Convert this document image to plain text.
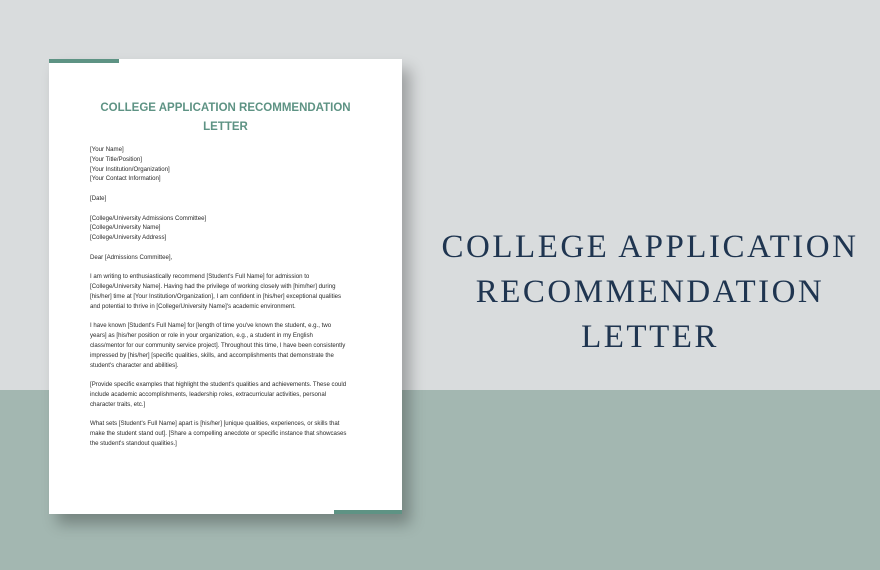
COLLEGE APPLICATION RECOMMENDATION
LETTER
[Your Name]
[Your Title/Position]
[Your Institution/Organization]
[Your Contact Information]
[Date]
[College/University Admissions Committee]
[College/University Name]
[College/University Address]
Dear [Admissions Committee],
I am writing to enthusiastically recommend [Student's Full Name] for admission to
[College/University Name]. Having had the privilege of working closely with [him/her] during
[his/her] time at [Your Institution/Organization], I am confident in [his/her] exceptional qualities
and potential to thrive in [College/University Name]'s academic environment.
I have known [Student's Full Name] for [length of time you've known the student, e.g., two
years] as [his/her position or role in your organization, e.g., a student in my English
class/mentor for our community service project]. Throughout this time, I have been consistently
impressed by [his/her] [specific qualities, skills, and accomplishments that demonstrate the
student's character and abilities].
[Provide specific examples that highlight the student's qualities and achievements. These could
include academic accomplishments, leadership roles, extracurricular activities, personal
character traits, etc.]
What sets [Student's Full Name] apart is [his/her] [unique qualities, experiences, or skills that
make the student stand out]. [Share a compelling anecdote or specific instance that showcases
the student's standout qualities.]
COLLEGE APPLICATION
RECOMMENDATION
LETTER
